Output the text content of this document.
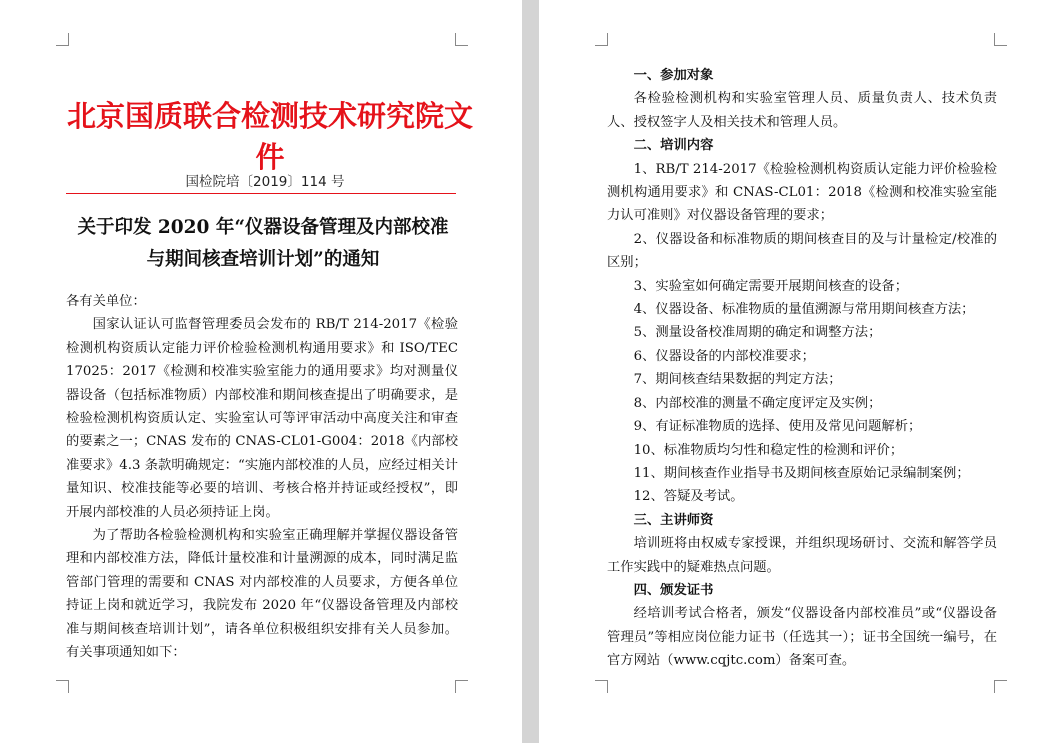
北京国质联合检测技术研究院文件
国检院培〔2019〕114 号
关于印发 2020 年“仪器设备管理及内部校准
与期间核查培训计划”的通知

各有关单位：

国家认证认可监督管理委员会发布的 RB/T 214-2017《检验检测机构资质认定能力评价检验检测机构通用要求》和 ISO/TEC 17025：2017《检测和校准实验室能力的通用要求》均对测量仪器设备（包括标准物质）内部校准和期间核查提出了明确要求，是检验检测机构资质认定、实验室认可等评审活动中高度关注和审查的要素之一；CNAS 发布的 CNAS-CL01-G004：2018《内部校准要求》4.3 条款明确规定：“实施内部校准的人员，应经过相关计量知识、校准技能等必要的培训、考核合格并持证或经授权”，即开展内部校准的人员必须持证上岗。

为了帮助各检验检测机构和实验室正确理解并掌握仪器设备管理和内部校准方法，降低计量校准和计量溯源的成本，同时满足监管部门管理的需要和 CNAS 对内部校准的人员要求，方便各单位持证上岗和就近学习，我院发布 2020 年“仪器设备管理及内部校准与期间核查培训计划”，请各单位积极组织安排有关人员参加。有关事项通知如下：

一、参加对象

各检验检测机构和实验室管理人员、质量负责人、技术负责人、授权签字人及相关技术和管理人员。

二、培训内容

1、RB/T 214-2017《检验检测机构资质认定能力评价检验检测机构通用要求》和 CNAS-CL01：2018《检测和校准实验室能力认可准则》对仪器设备管理的要求；
2、仪器设备和标准物质的期间核查目的及与计量检定/校准的区别；
3、实验室如何确定需要开展期间核查的设备；
4、仪器设备、标准物质的量值溯源与常用期间核查方法；
5、测量设备校准周期的确定和调整方法；
6、仪器设备的内部校准要求；
7、期间核查结果数据的判定方法；
8、内部校准的测量不确定度评定及实例；
9、有证标准物质的选择、使用及常见问题解析；
10、标准物质均匀性和稳定性的检测和评价；
11、期间核查作业指导书及期间核查原始记录编制案例；
12、答疑及考试。

三、主讲师资

培训班将由权威专家授课，并组织现场研讨、交流和解答学员工作实践中的疑难热点问题。

四、颁发证书

经培训考试合格者，颁发“仪器设备内部校准员”或“仪器设备管理员”等相应岗位能力证书（任选其一）；证书全国统一编号，在官方网站（www.cqjtc.com）备案可查。
